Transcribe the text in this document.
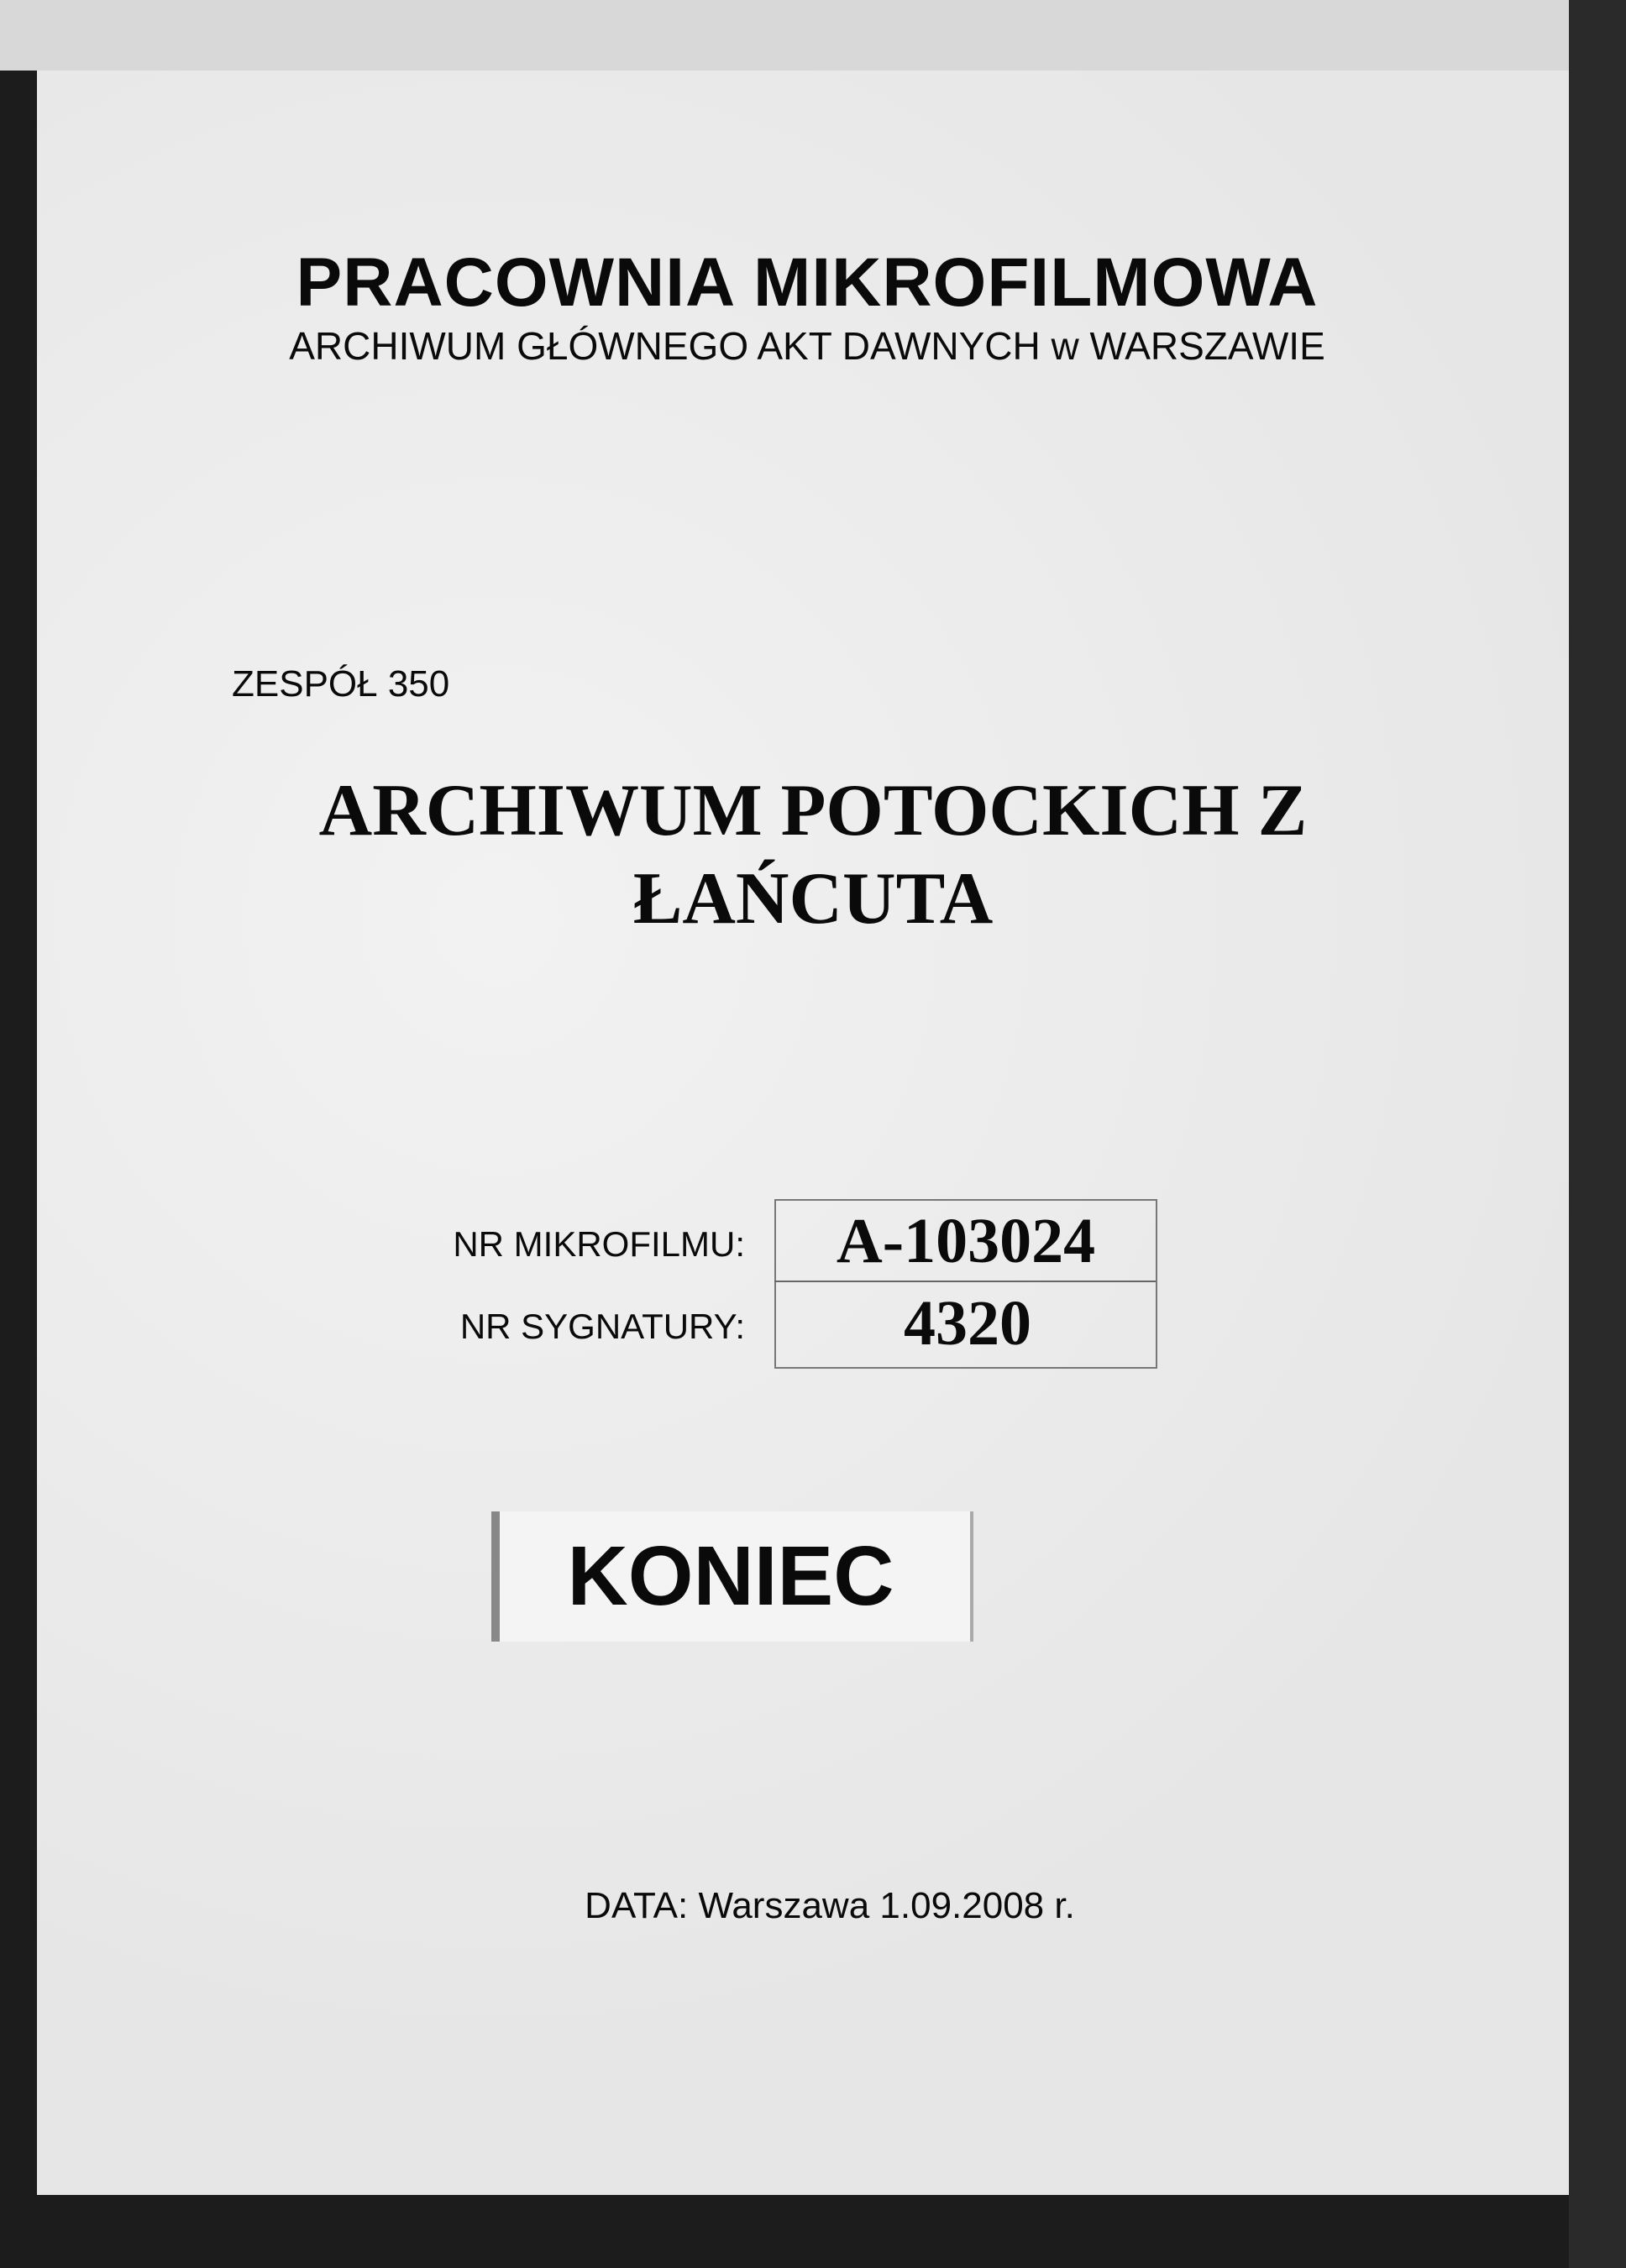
PRACOWNIA MIKROFILMOWA
ARCHIWUM GŁÓWNEGO AKT DAWNYCH w WARSZAWIE
ZESPÓŁ 350
ARCHIWUM POTOCKICH Z
ŁAŃCUTA
NR MIKROFILMU:
NR SYGNATURY:
A-103024
4320
KONIEC
DATA: Warszawa 1.09.2008 r.
